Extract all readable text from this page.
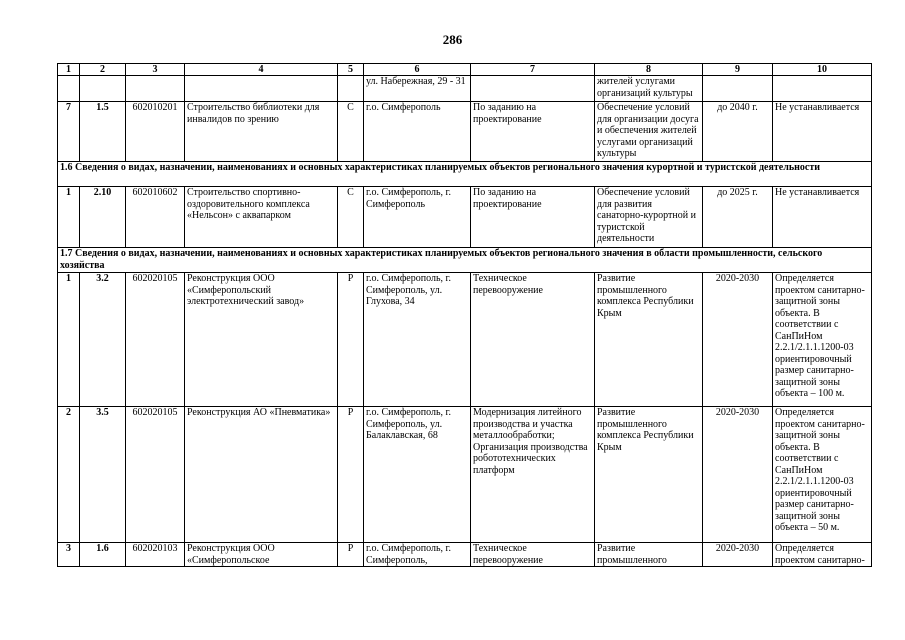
286
1	2	3	4	5	6	7	8	9	10
					ул. Набережная, 29 - 31		жителей услугами организаций культуры		
7	1.5	602010201	Строительство библиотеки для инвалидов по зрению	С	г.о. Симферополь	По заданию на проектирование	Обеспечение условий для организации досуга и обеспечения жителей услугами организаций культуры	до 2040 г.	Не устанавливается
1.6 Сведения о видах, назначении, наименованиях и основных характеристиках планируемых объектов регионального значения курортной и туристской деятельности									
1	2.10	602010602	Строительство спортивно-оздоровительного комплекса «Нельсон» с аквапарком	С	г.о. Симферополь, г. Симферополь	По заданию на проектирование	Обеспечение условий для развития санаторно-курортной и туристской деятельности	до 2025 г.	Не устанавливается
1.7 Сведения о видах, назначении, наименованиях и основных характеристиках планируемых объектов регионального значения в области промышленности, сельского хозяйства									
1	3.2	602020105	Реконструкция ООО «Симферопольский электротехнический завод»	Р	г.о. Симферополь, г. Симферополь, ул. Глухова, 34	Техническое перевооружение	Развитие промышленного комплекса Республики Крым	2020-2030	Определяется проектом санитарно-защитной зоны объекта. В соответствии с СанПиНом 2.2.1/2.1.1.1200-03 ориентировочный размер санитарно-защитной зоны объекта – 100 м.
2	3.5	602020105	Реконструкция АО «Пневматика»	Р	г.о. Симферополь, г. Симферополь, ул. Балаклавская, 68	Модернизация литейного производства и участка металлообработки; Организация производства робототехнических платформ	Развитие промышленного комплекса Республики Крым	2020-2030	Определяется проектом санитарно-защитной зоны объекта. В соответствии с СанПиНом 2.2.1/2.1.1.1200-03 ориентировочный размер санитарно-защитной зоны объекта – 50 м.
3	1.6	602020103	Реконструкция ООО «Симферопольское	Р	г.о. Симферополь, г. Симферополь,	Техническое перевооружение	Развитие промышленного	2020-2030	Определяется проектом санитарно-
